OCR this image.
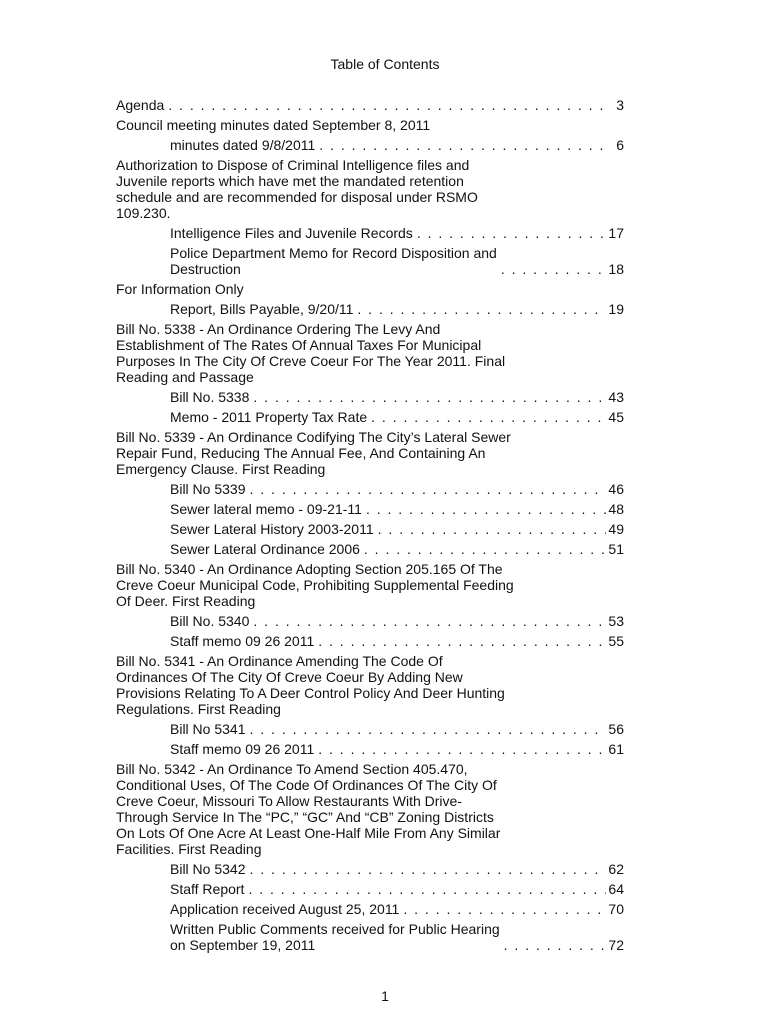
Table of Contents
Agenda . . .	3
Council meeting minutes dated September 8, 2011
minutes dated 9/8/2011 . . .	6
Authorization to Dispose of Criminal Intelligence files and
Juvenile reports which have met the mandated retention
schedule and are recommended for disposal under RSMO
109.230.
Intelligence Files and Juvenile Records . . .	17
Police Department Memo for Record Disposition and
Destruction . . .	18
For Information Only
Report, Bills Payable, 9/20/11 . . .	19
Bill No. 5338 - An Ordinance Ordering The Levy And
Establishment of The Rates Of Annual Taxes For Municipal
Purposes In The City Of Creve Coeur For The Year 2011. Final
Reading and Passage
Bill No. 5338 . . .	43
Memo - 2011 Property Tax Rate . . .	45
Bill No. 5339 - An Ordinance Codifying The City’s Lateral Sewer
Repair Fund, Reducing The Annual Fee, And Containing An
Emergency Clause. First Reading
Bill No 5339 . . .	46
Sewer lateral memo - 09-21-11 . . .	48
Sewer Lateral History 2003-2011 . . .	49
Sewer Lateral Ordinance 2006 . . .	51
Bill No. 5340 - An Ordinance Adopting Section 205.165 Of The
Creve Coeur Municipal Code, Prohibiting Supplemental Feeding
Of Deer. First Reading
Bill No. 5340 . . .	53
Staff memo 09 26 2011 . . .	55
Bill No. 5341 - An Ordinance Amending The Code Of
Ordinances Of The City Of Creve Coeur By Adding New
Provisions Relating To A Deer Control Policy And Deer Hunting
Regulations. First Reading
Bill No 5341 . . .	56
Staff memo 09 26 2011 . . .	61
Bill No. 5342 - An Ordinance To Amend Section 405.470,
Conditional Uses, Of The Code Of Ordinances Of The City Of
Creve Coeur, Missouri To Allow Restaurants With Drive-
Through Service In The “PC,” “GC” And “CB” Zoning Districts
On Lots Of One Acre At Least One-Half Mile From Any Similar
Facilities. First Reading
Bill No 5342 . . .	62
Staff Report . . .	64
Application received August 25, 2011 . . .	70
Written Public Comments received for Public Hearing
on September 19, 2011 . . .	72
1
